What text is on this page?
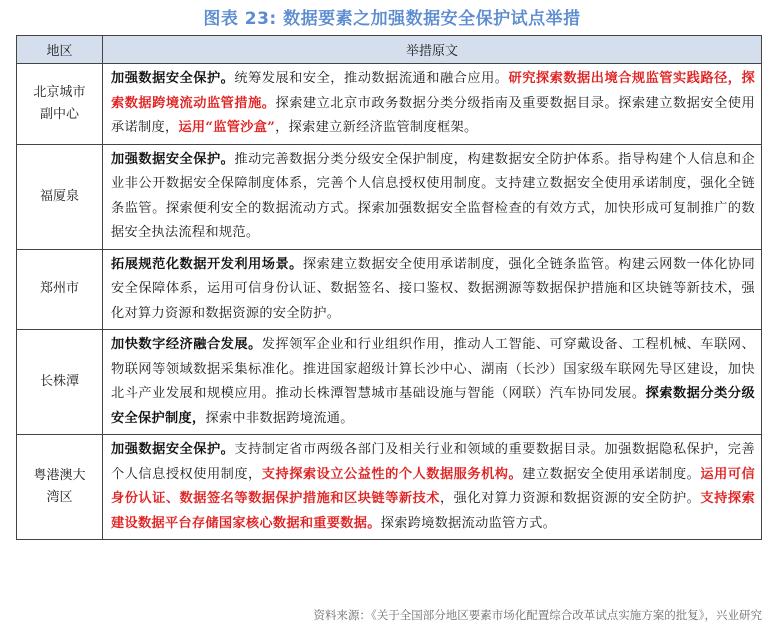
图表 23: 数据要素之加强数据安全保护试点举措
地区	举措原文

北京城市
副中心	加强数据安全保护。统筹发展和安全，推动数据流通和融合应用。研究探索数据出境合规监管实践路径，探索数据跨境流动监管措施。探索建立北京市政务数据分类分级指南及重要数据目录。探索建立数据安全使用承诺制度，运用“监管沙盒”，探索建立新经济监管制度框架。

福厦泉	加强数据安全保护。推动完善数据分类分级安全保护制度，构建数据安全防护体系。指导构建个人信息和企业非公开数据安全保障制度体系，完善个人信息授权使用制度。支持建立数据安全使用承诺制度，强化全链条监管。探索便利安全的数据流动方式。探索加强数据安全监督检查的有效方式，加快形成可复制推广的数据安全执法流程和规范。

郑州市	拓展规范化数据开发利用场景。探索建立数据安全使用承诺制度，强化全链条监管。构建云网数一体化协同安全保障体系，运用可信身份认证、数据签名、接口鉴权、数据溯源等数据保护措施和区块链等新技术，强化对算力资源和数据资源的安全防护。

长株潭	加快数字经济融合发展。发挥领军企业和行业组织作用，推动人工智能、可穿戴设备、工程机械、车联网、物联网等领域数据采集标准化。推进国家超级计算长沙中心、湖南（长沙）国家级车联网先导区建设，加快北斗产业发展和规模应用。推动长株潭智慧城市基础设施与智能（网联）汽车协同发展。探索数据分类分级安全保护制度，探索中非数据跨境流通。

粤港澳大
湾区	加强数据安全保护。支持制定省市两级各部门及相关行业和领域的重要数据目录。加强数据隐私保护，完善个人信息授权使用制度，支持探索设立公益性的个人数据服务机构。建立数据安全使用承诺制度。运用可信身份认证、数据签名等数据保护措施和区块链等新技术，强化对算力资源和数据资源的安全防护。支持探索建设数据平台存储国家核心数据和重要数据。探索跨境数据流动监管方式。
资料来源：《关于全国部分地区要素市场化配置综合改革试点实施方案的批复》，兴业研究
